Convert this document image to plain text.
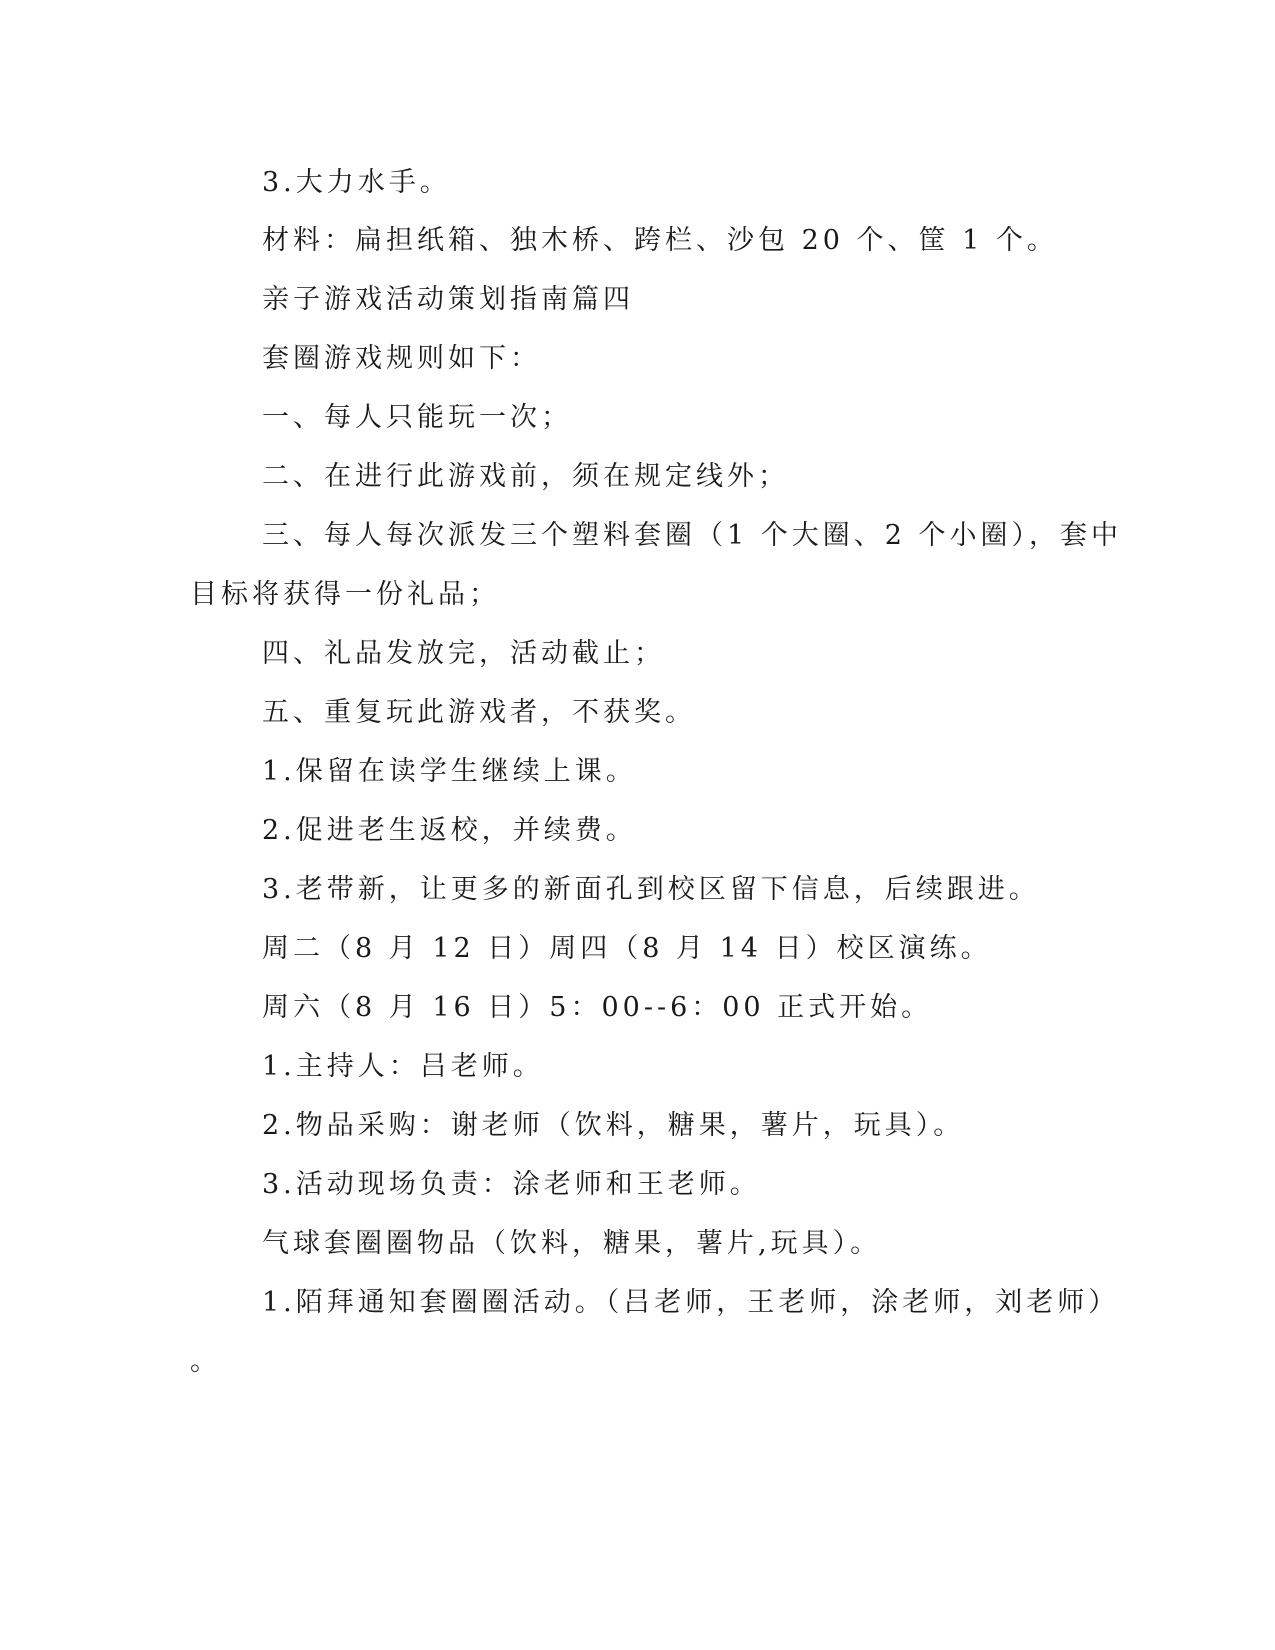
3.大力水手。
材料：扁担纸箱、独木桥、跨栏、沙包 20 个、筐 1 个。
亲子游戏活动策划指南篇四
套圈游戏规则如下：
一、每人只能玩一次；
二、在进行此游戏前，须在规定线外；
三、每人每次派发三个塑料套圈（1 个大圈、2 个小圈），套中
目标将获得一份礼品；
四、礼品发放完，活动截止；
五、重复玩此游戏者，不获奖。
1.保留在读学生继续上课。
2.促进老生返校，并续费。
3.老带新，让更多的新面孔到校区留下信息，后续跟进。
周二（8 月 12 日）周四（8 月 14 日）校区演练。
周六（8 月 16 日）5：00--6：00 正式开始。
1.主持人：吕老师。
2.物品采购：谢老师（饮料，糖果，薯片，玩具）。
3.活动现场负责：涂老师和王老师。
气球套圈圈物品（饮料，糖果，薯片,玩具）。
1.陌拜通知套圈圈活动。（吕老师，王老师，涂老师，刘老师）
。
